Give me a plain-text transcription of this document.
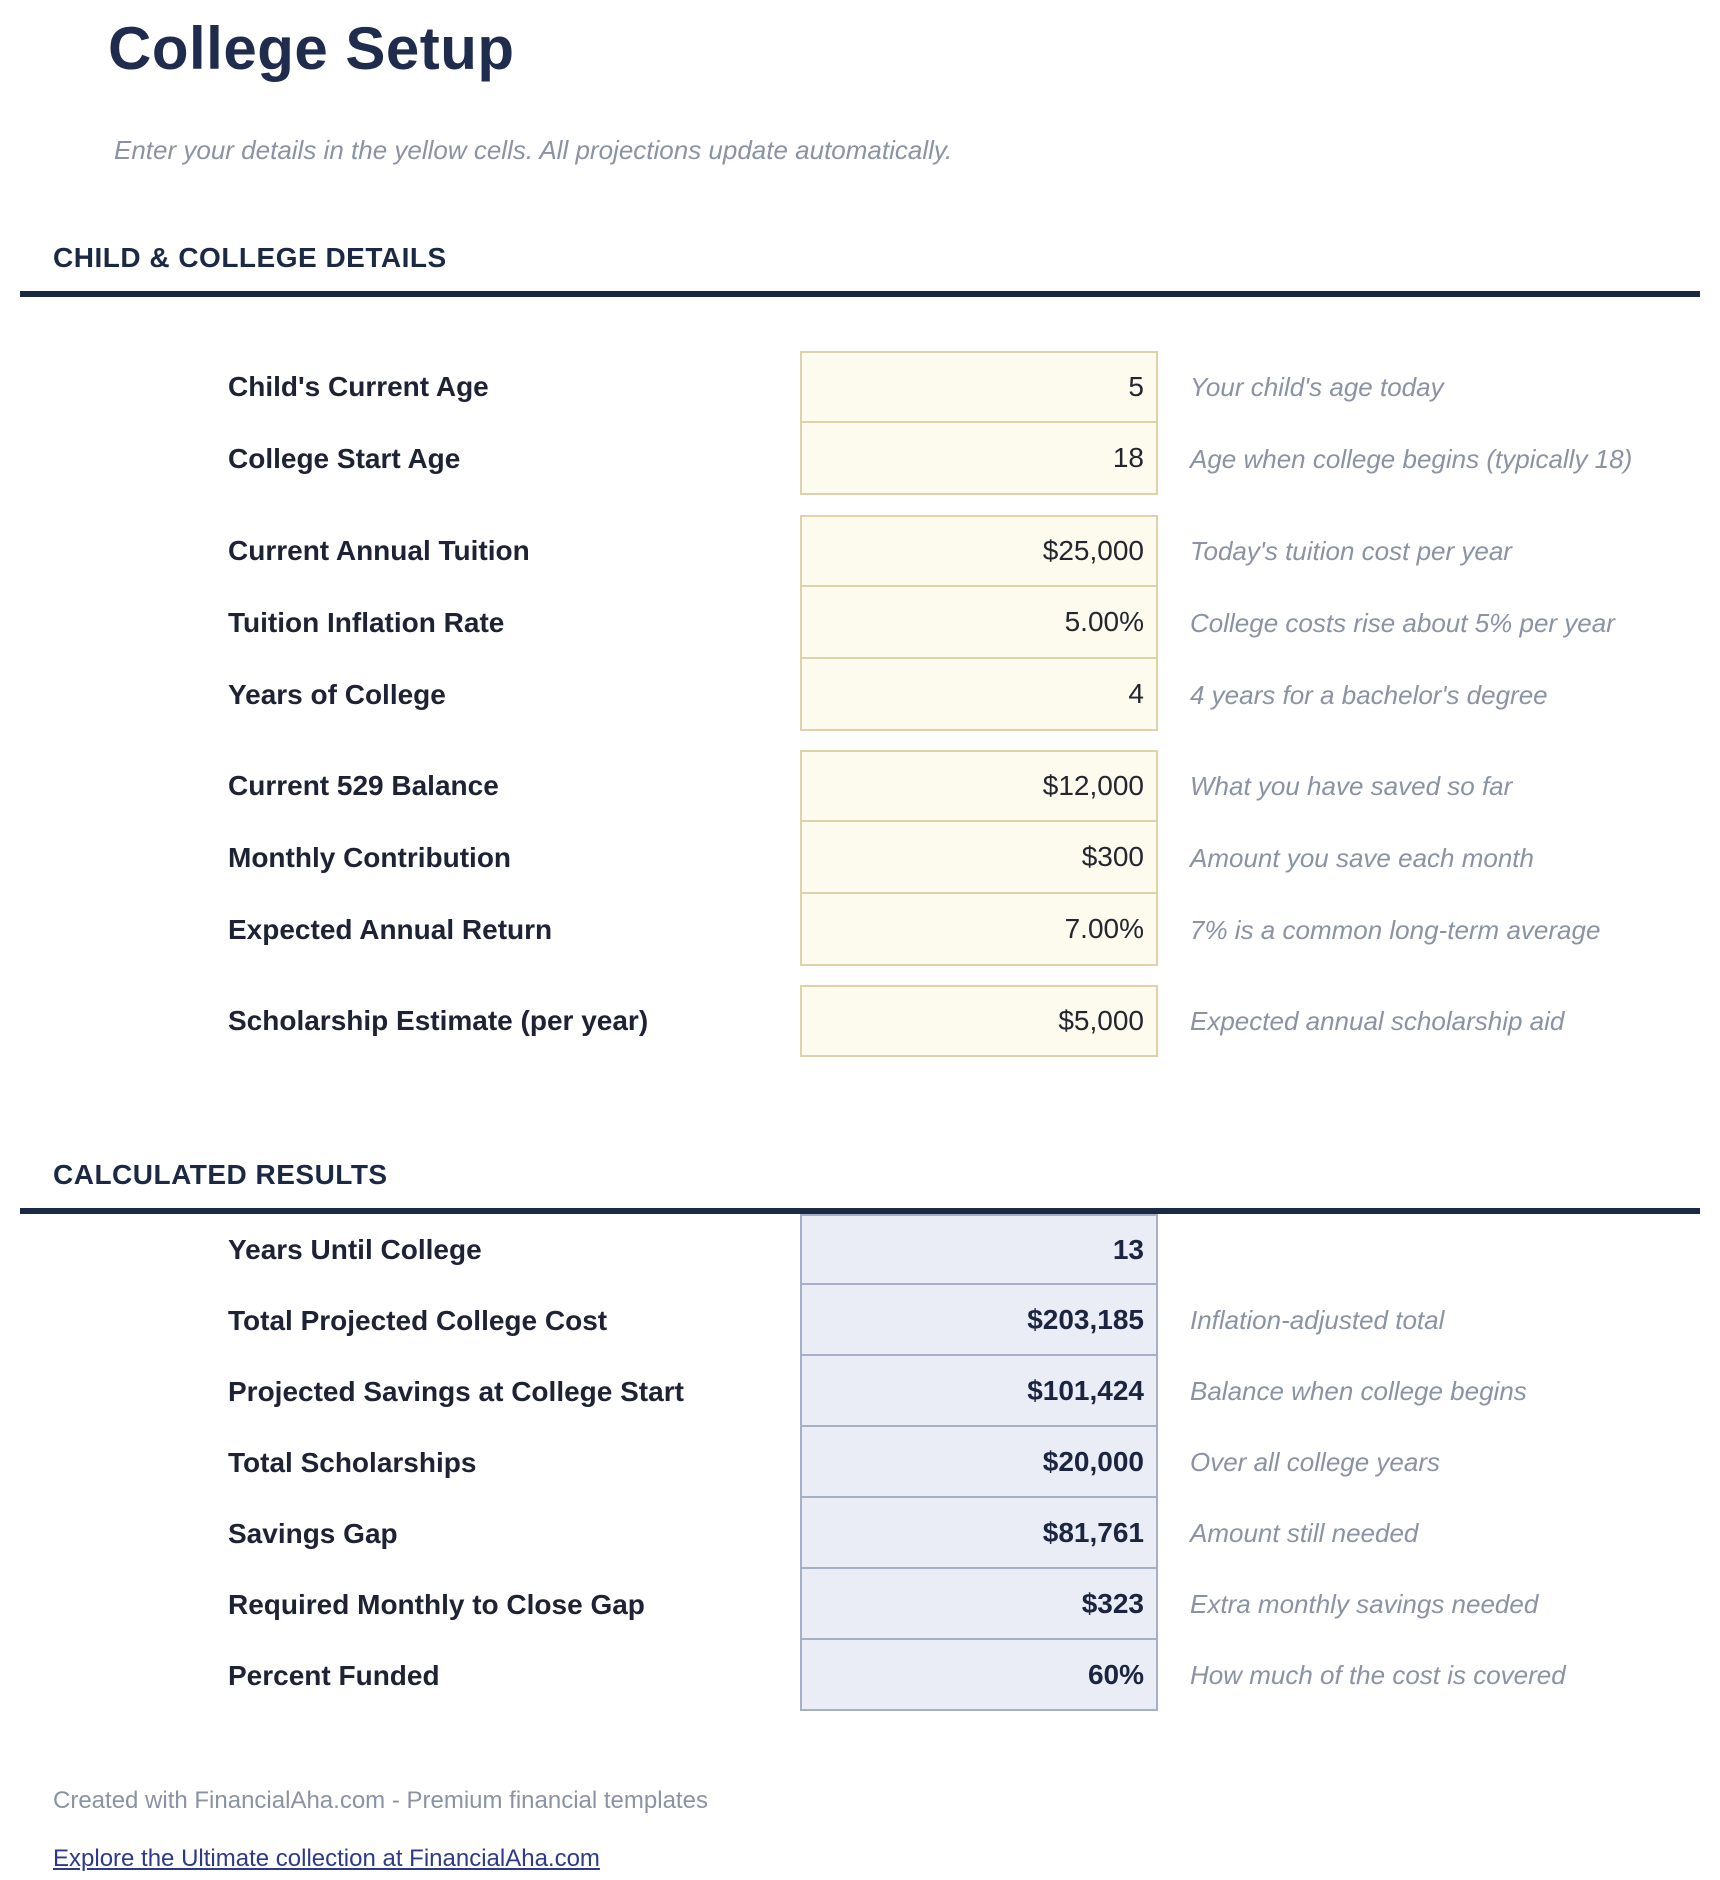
College Setup
Enter your details in the yellow cells. All projections update automatically.
CHILD & COLLEGE DETAILS
Child's Current Age	5	Your child's age today
College Start Age	18	Age when college begins (typically 18)
Current Annual Tuition	$25,000	Today's tuition cost per year
Tuition Inflation Rate	5.00%	College costs rise about 5% per year
Years of College	4	4 years for a bachelor's degree
Current 529 Balance	$12,000	What you have saved so far
Monthly Contribution	$300	Amount you save each month
Expected Annual Return	7.00%	7% is a common long-term average
Scholarship Estimate (per year)	$5,000	Expected annual scholarship aid
CALCULATED RESULTS
Years Until College	13
Total Projected College Cost	$203,185	Inflation-adjusted total
Projected Savings at College Start	$101,424	Balance when college begins
Total Scholarships	$20,000	Over all college years
Savings Gap	$81,761	Amount still needed
Required Monthly to Close Gap	$323	Extra monthly savings needed
Percent Funded	60%	How much of the cost is covered
Created with FinancialAha.com - Premium financial templates
Explore the Ultimate collection at FinancialAha.com
